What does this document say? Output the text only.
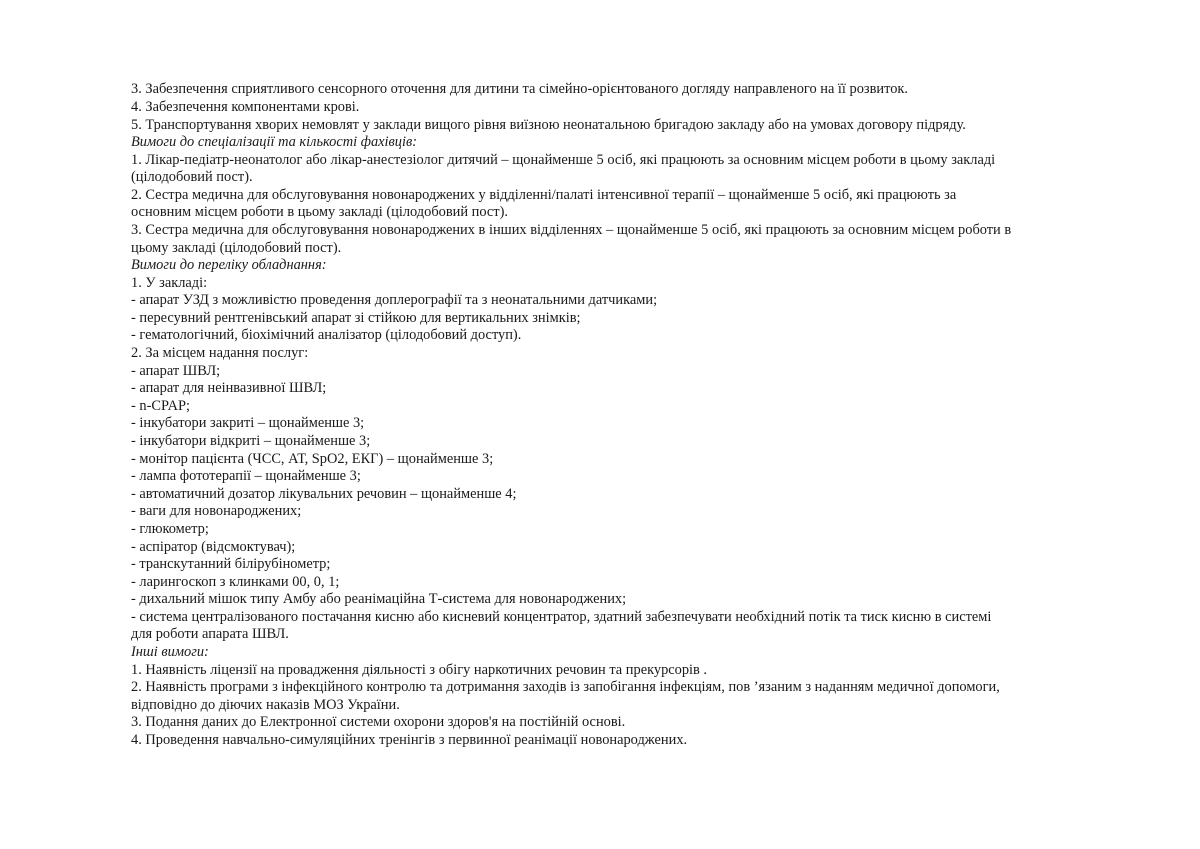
3. Забезпечення сприятливого сенсорного оточення для дитини та сімейно-орієнтованого догляду направленого на її розвиток.
4. Забезпечення компонентами крові.
5. Транспортування хворих немовлят у заклади вищого рівня виїзною неонатальною бригадою закладу або на умовах договору підряду.
Вимоги до спеціалізації та кількості фахівців:
1. Лікар-педіатр-неонатолог або лікар-анестезіолог дитячий – щонайменше 5 осіб, які працюють за основним місцем роботи в цьому закладі
(цілодобовий пост).
2. Сестра медична для обслуговування новонароджених у відділенні/палаті інтенсивної терапії – щонайменше 5 осіб, які працюють за
основним місцем роботи в цьому закладі (цілодобовий пост).
3. Сестра медична для обслуговування новонароджених в інших відділеннях – щонайменше 5 осіб, які працюють за основним місцем роботи в
цьому закладі (цілодобовий пост).
Вимоги до переліку обладнання:
1. У закладі:
- апарат УЗД з можливістю проведення доплерографії та з неонатальними датчиками;
- пересувний рентгенівський апарат зі стійкою для вертикальних знімків;
- гематологічний, біохімічний аналізатор (цілодобовий доступ).
2. За місцем надання послуг:
- апарат ШВЛ;
- апарат для неінвазивної ШВЛ;
- n-CPAP;
- інкубатори закриті – щонайменше 3;
- інкубатори відкриті – щонайменше 3;
- монітор пацієнта (ЧСС, АТ, SpO2, ЕКГ) – щонайменше 3;
- лампа фототерапії – щонайменше 3;
- автоматичний дозатор лікувальних речовин – щонайменше 4;
- ваги для новонароджених;
- глюкометр;
- аспіратор (відсмоктувач);
- транскутанний білірубінометр;
- ларингоскоп з клинками 00, 0, 1;
- дихальний мішок типу Амбу або реанімаційна Т-система для новонароджених;
- система централізованого постачання кисню або кисневий концентратор, здатний забезпечувати необхідний потік та тиск кисню в системі
для роботи апарата ШВЛ.
Інші вимоги:
1. Наявність ліцензії на провадження діяльності з обігу наркотичних речовин та прекурсорів .
2. Наявність програми з інфекційного контролю та дотримання заходів із запобігання інфекціям, пов ’язаним з наданням медичної допомоги,
відповідно до діючих наказів МОЗ України.
3. Подання даних до Електронної системи охорони здоров'я на постійній основі.
4. Проведення навчально-симуляційних тренінгів з первинної реанімації новонароджених.
